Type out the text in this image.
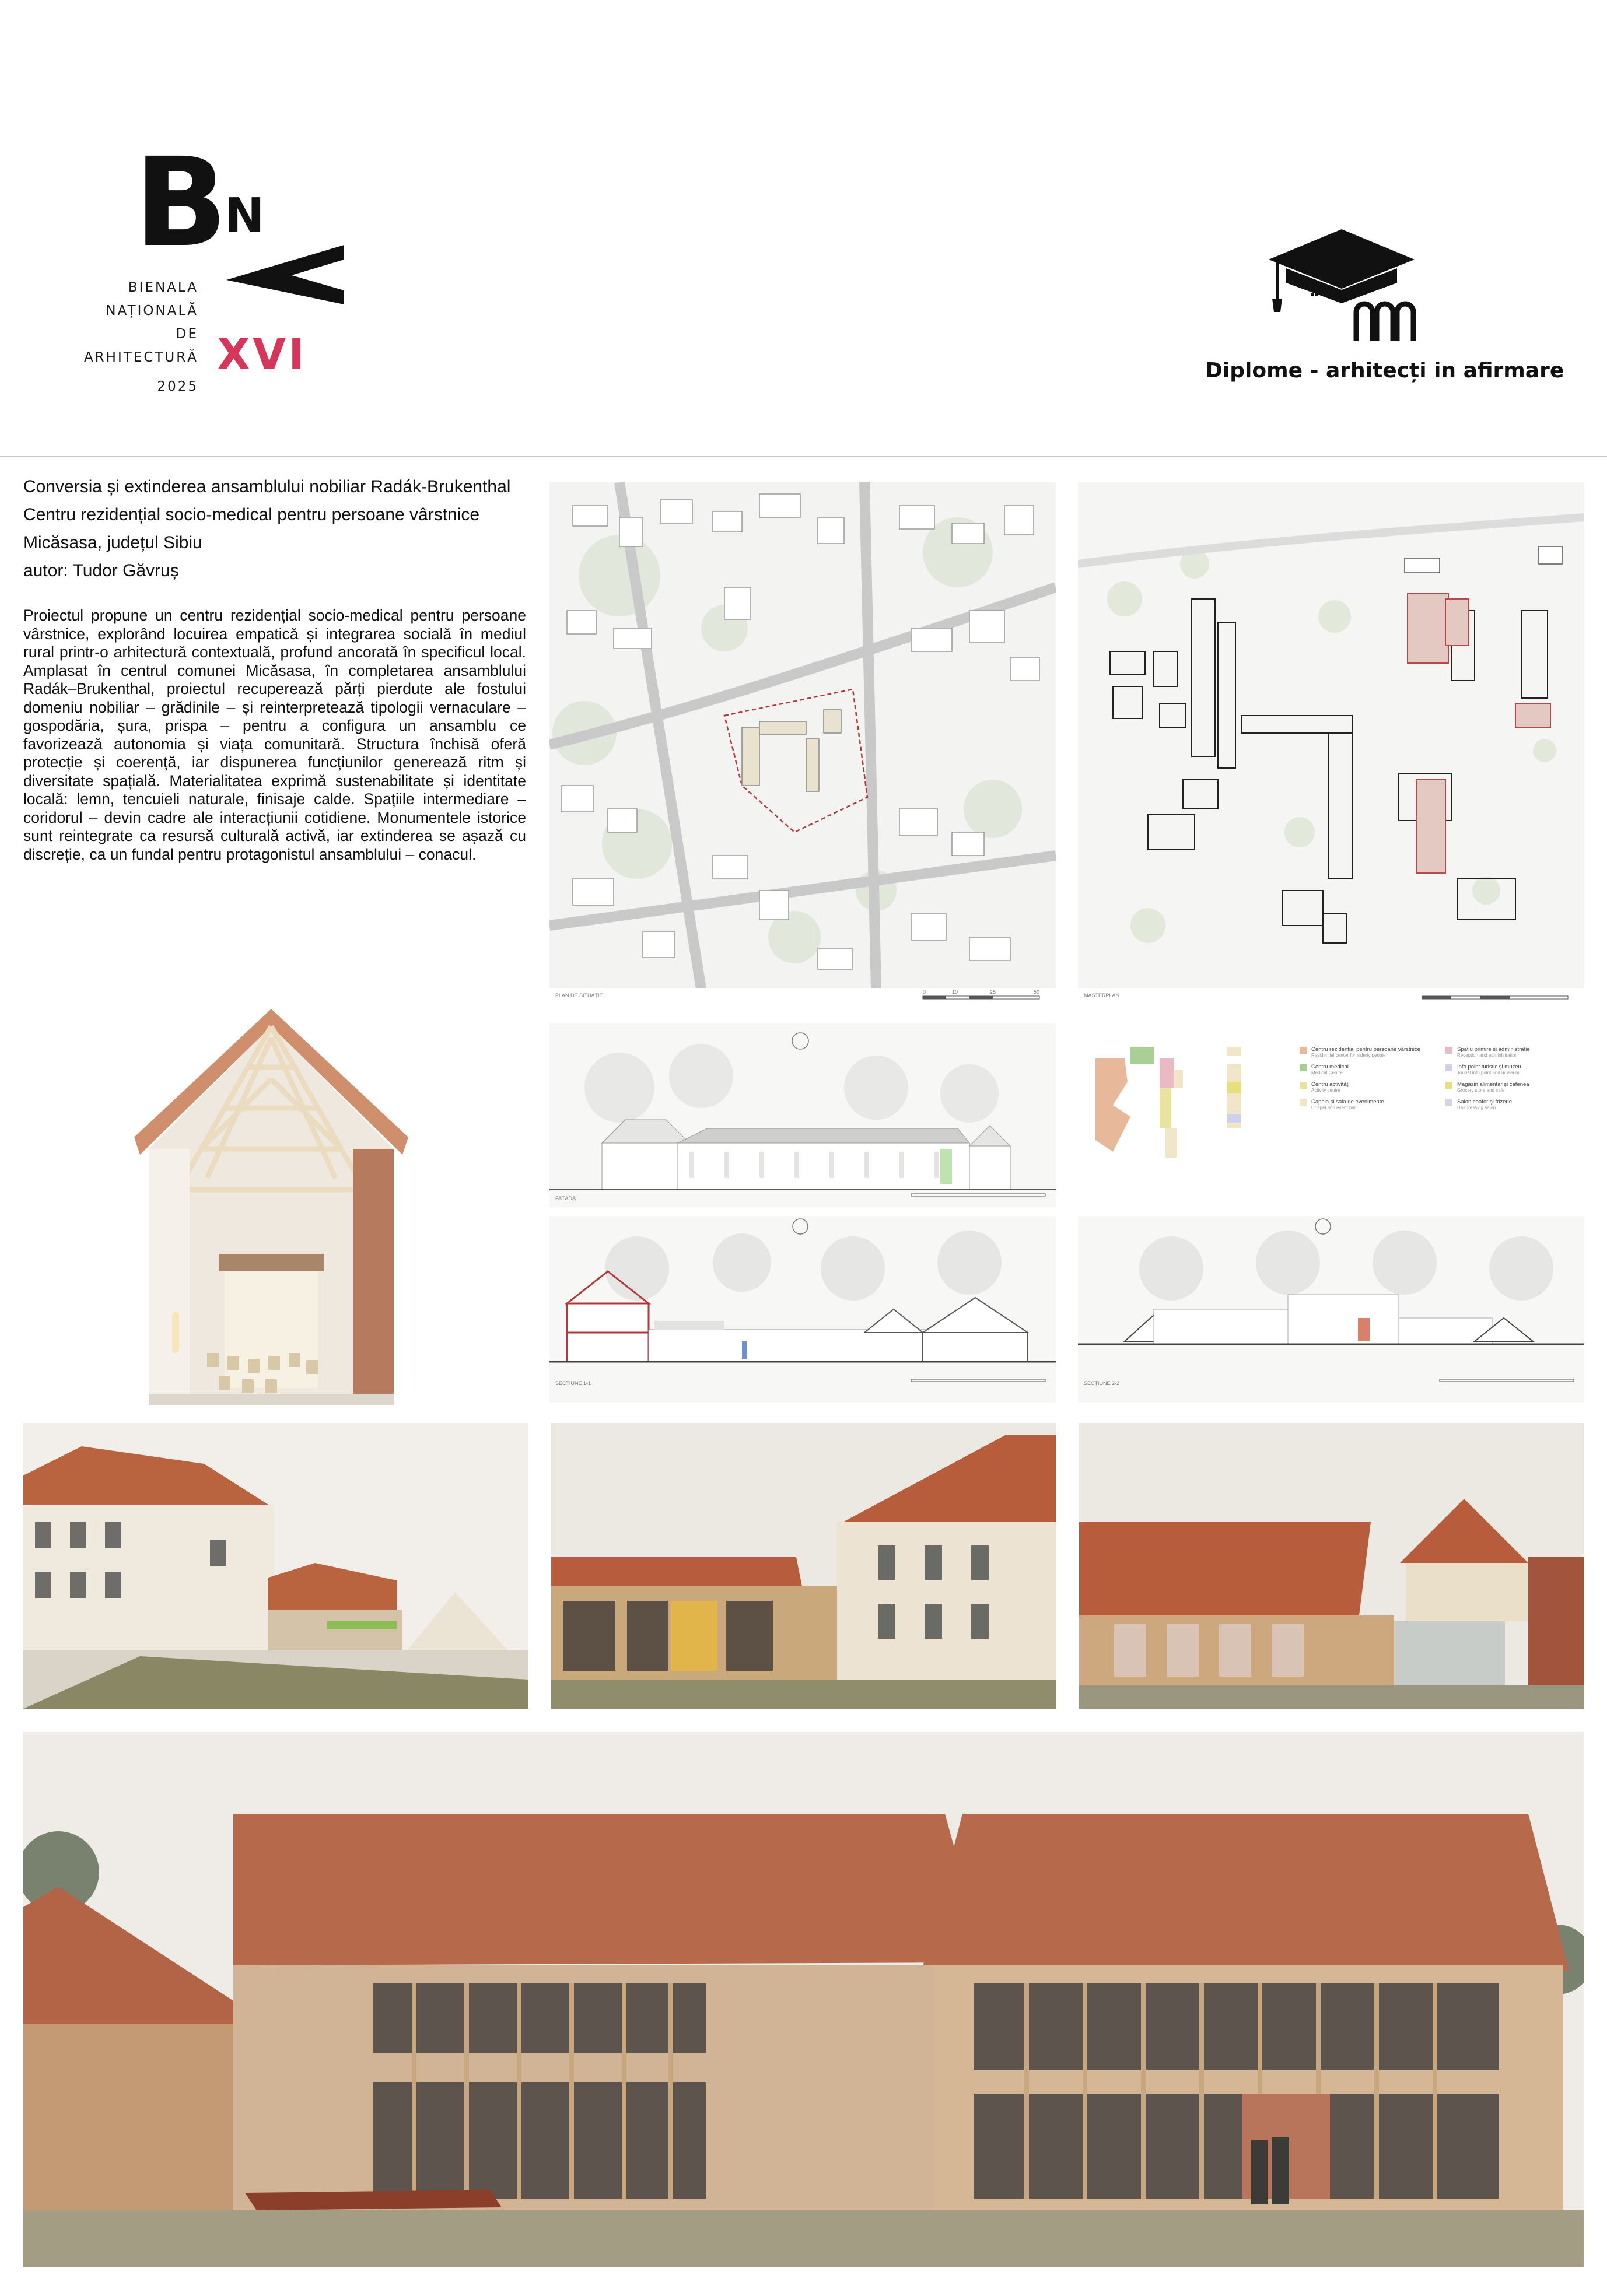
B
N
BIENALA
NAȚIONALĂ
DE
ARHITECTURĂ
2025
XVI	Diplome - arhitecți in afirmare
Conversia și extinderea ansamblului nobiliar Radák-Brukenthal
Centru rezidențial socio-medical pentru persoane vârstnice
Micăsasa, județul Sibiu
autor: Tudor Găvruș
Proiectul propune un centru rezidențial socio-medical pentru persoane vârstnice, explorând locuirea empatică și integrarea socială în mediul rural printr-o arhitectură contextuală, profund ancorată în specificul local. Amplasat în centrul comunei Micăsasa, în completarea ansamblului Radák–Brukenthal, proiectul recuperează părți pierdute ale fostului domeniu nobiliar – grădinile – și reinterpretează tipologii vernaculare – gospodăria, șura, prispa – pentru a configura un ansamblu ce favorizează autonomia și viața comunitară. Structura închisă oferă protecție și coerență, iar dispunerea funcțiunilor generează ritm și diversitate spațială. Materialitatea exprimă sustenabilitate și identitate locală: lemn, tencuieli naturale, finisaje calde. Spațiile intermediare – coridorul – devin cadre ale interacțiunii cotidiene. Monumentele istorice sunt reintegrate ca resursă culturală activă, iar extinderea se așază cu discreție, ca un fundal pentru protagonistul ansamblului – conacul.
PLAN DE SITUAȚIE
0	10	25	50
MASTERPLAN
FAȚADĂ
Centru rezidențial pentru persoane vârstnice
Residential center for elderly people
Centru medical
Medical Centre
Centru activități
Activity centre
Capela și sala de evenimente
Chapel and event hall
Spațiu primire și administrație
Reception and administration
Info point turistic și muzeu
Tourist info point and museum
Magazin alimentar și cafenea
Grocery store and cafe
Salon coafor și frizerie
Hairdressing salon
SECȚIUNE 1-1	SECȚIUNE 2-2
